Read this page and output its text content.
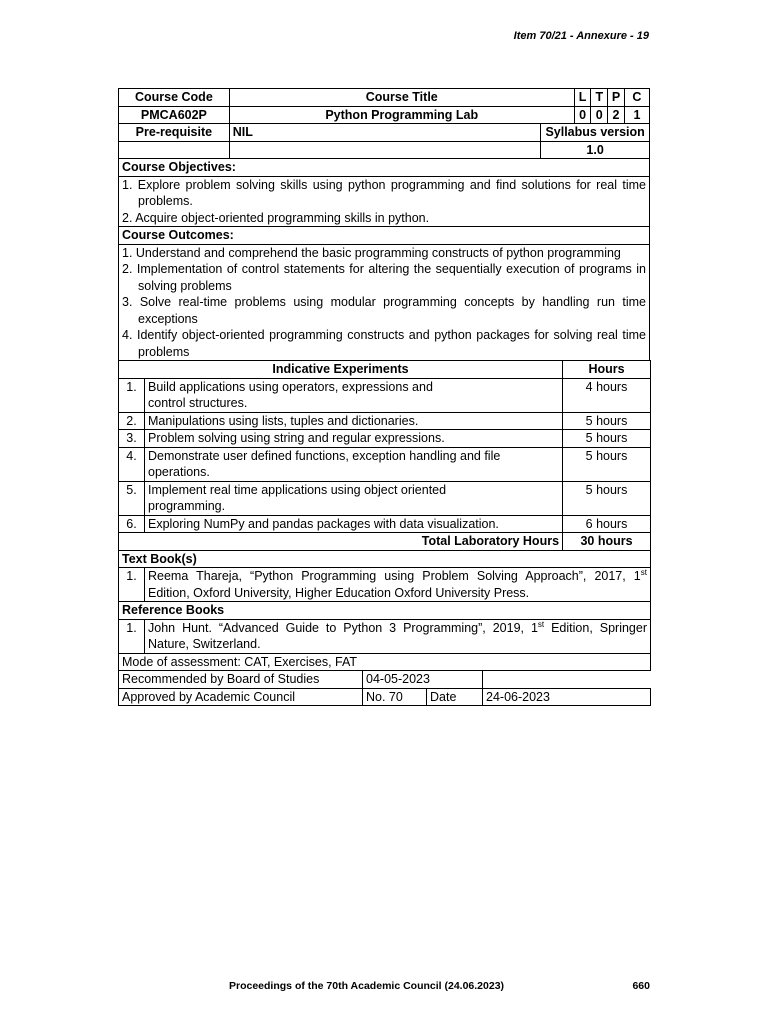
Item 70/21 - Annexure - 19
Course Code	Course Title		L	T	P	C
PMCA602P	Python Programming Lab		0	0	2	1
Pre-requisite	NIL	Syllabus version				
		1.0				
Course Objectives:

1. Explore problem solving skills using python programming and find solutions for real time problems.
2. Acquire object-oriented programming skills in python.

Course Outcomes:

1. Understand and comprehend the basic programming constructs of python programming
2. Implementation of control statements for altering the sequentially execution of programs in solving problems
3. Solve real-time problems using modular programming concepts by handling run time exceptions
4. Identify object-oriented programming constructs and python packages for solving real time problems
Indicative Experiments		Hours
1.	Build applications using operators, expressions and control structures.	4 hours
2.	Manipulations using lists, tuples and dictionaries.	5 hours
3.	Problem solving using string and regular expressions.	5 hours
4.	Demonstrate user defined functions, exception handling and file operations.	5 hours
5.	Implement real time applications using object oriented programming.	5 hours
6.	Exploring NumPy and pandas packages with data visualization.	6 hours
Total Laboratory Hours		30 hours
Text Book(s)	
1.	Reema Thareja, “Python Programming using Problem Solving Approach”, 2017, 1st Edition, Oxford University, Higher Education Oxford University Press.
Reference Books	
1.	John Hunt. “Advanced Guide to Python 3 Programming”, 2019, 1st Edition, Springer Nature, Switzerland.
Mode of assessment: CAT, Exercises, FAT			
Recommended by Board of Studies	04-05-2023		
Approved by Academic Council	No. 70	Date	24-06-2023
Proceedings of the 70th Academic Council (24.06.2023)	660
